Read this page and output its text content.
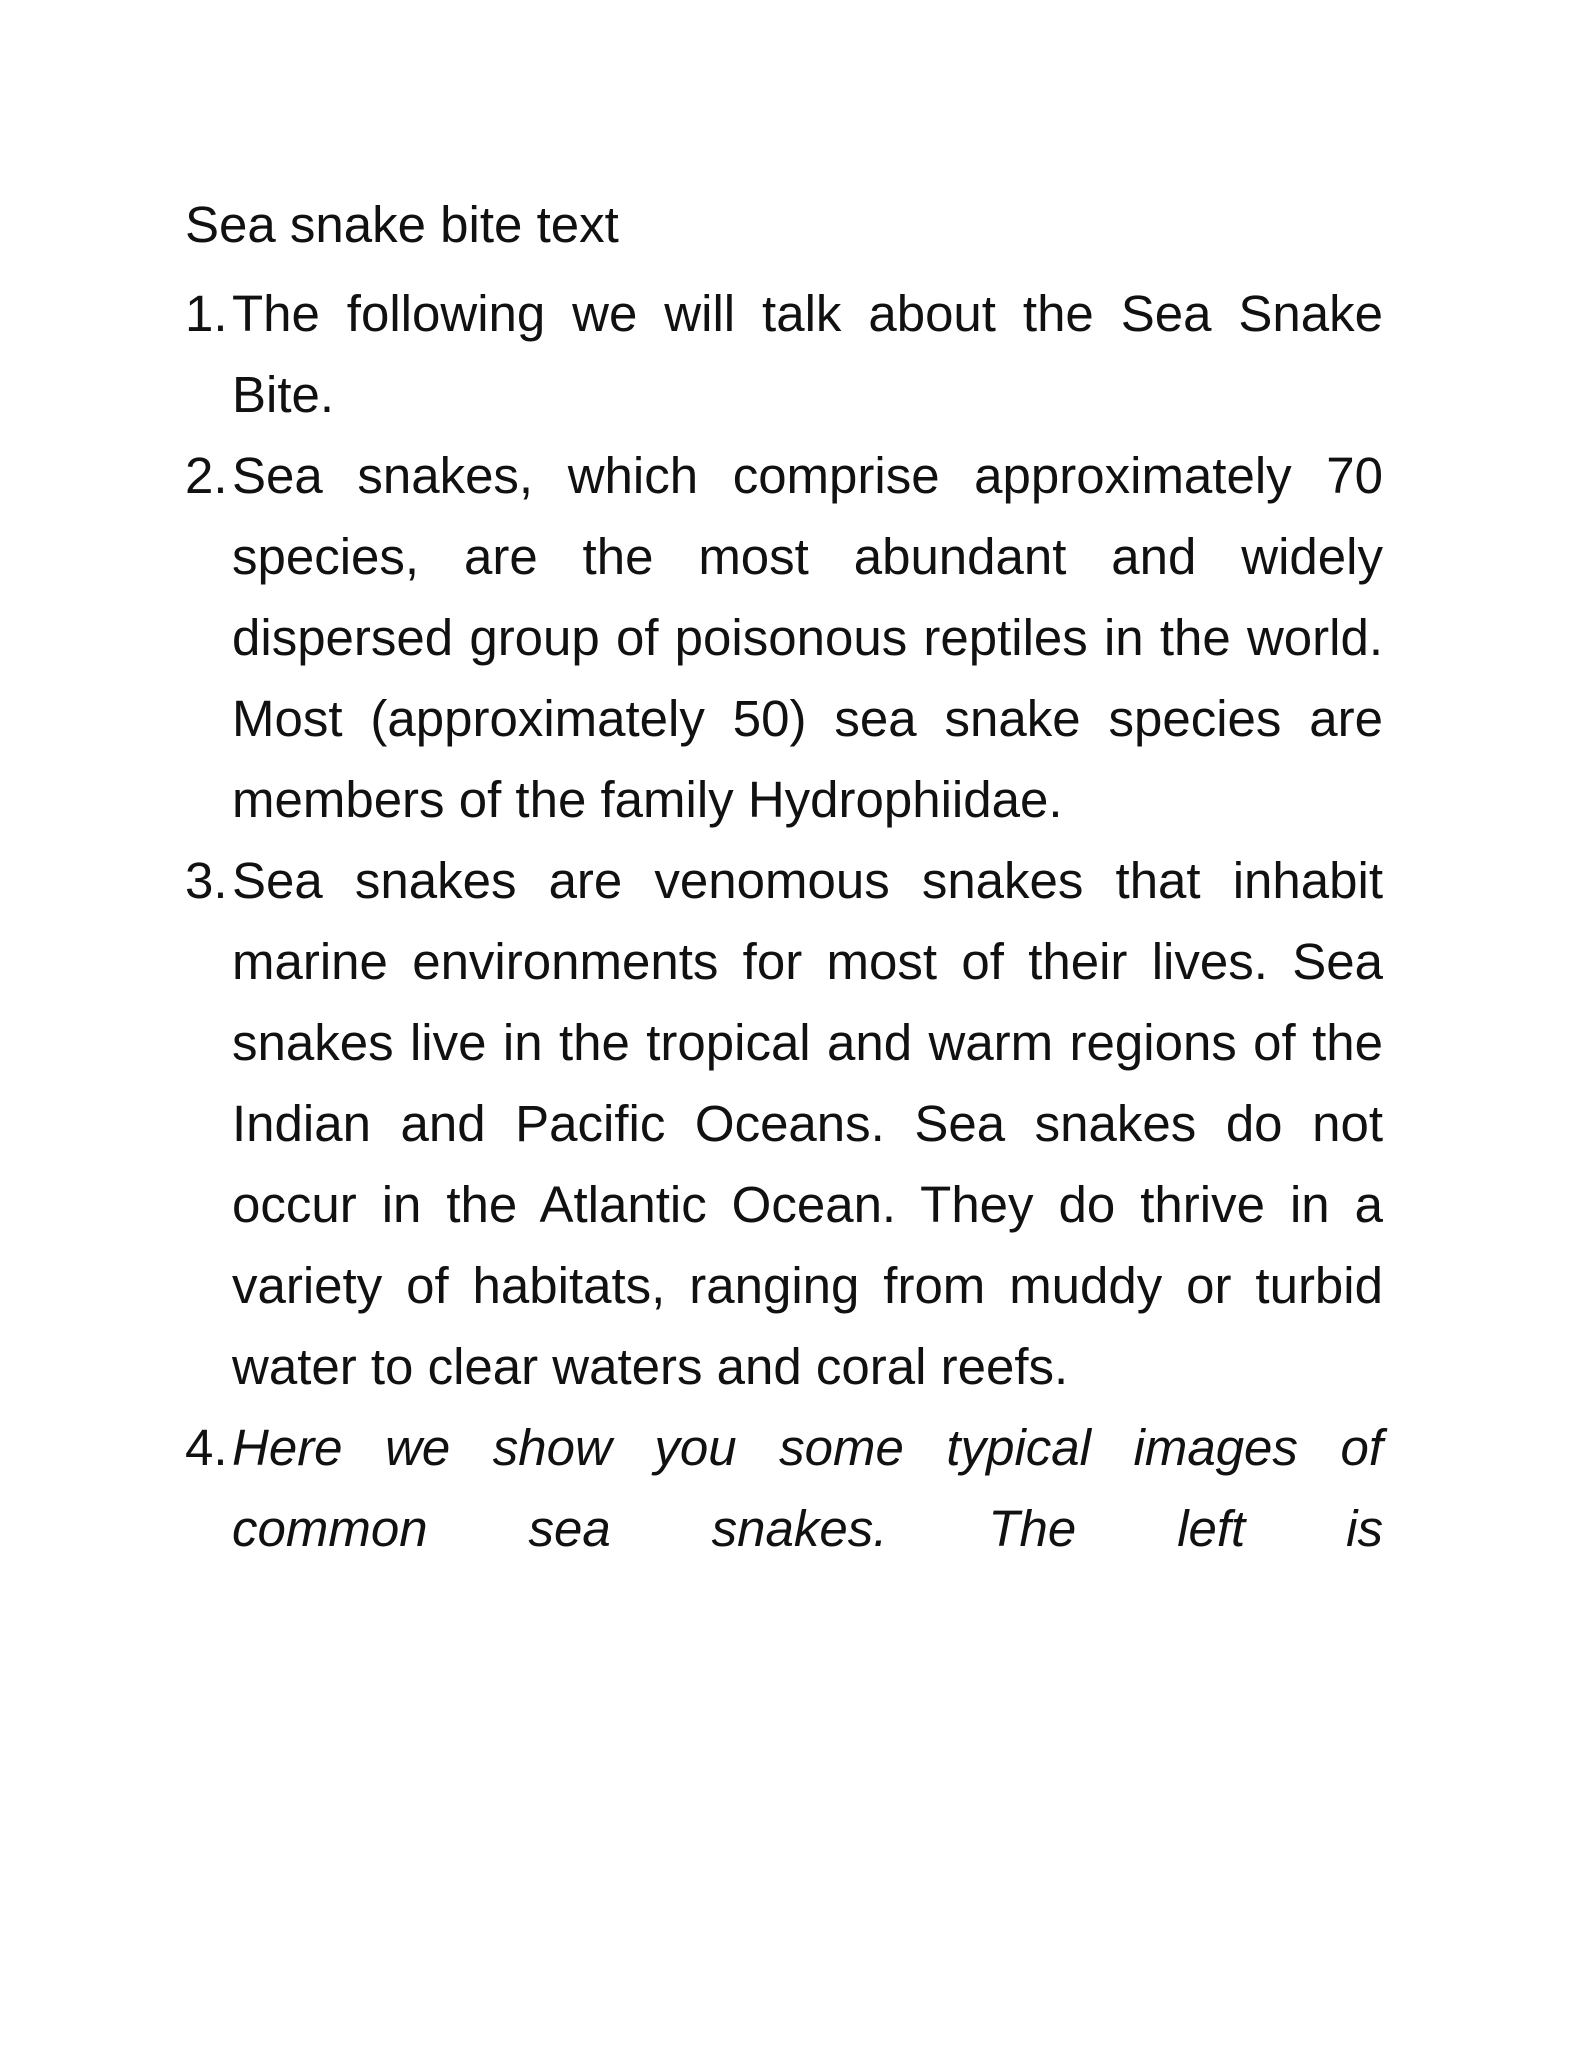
Sea snake bite text
1. The following we will talk about the Sea Snake Bite.
2. Sea snakes, which comprise approximately 70 species, are the most abundant and widely dispersed group of poisonous reptiles in the world. Most (approximately 50) sea snake species are members of the family Hydrophiidae.
3. Sea snakes are venomous snakes that inhabit marine environments for most of their lives. Sea snakes live in the tropical and warm regions of the Indian and Pacific Oceans. Sea snakes do not occur in the Atlantic Ocean. They do thrive in a variety of habitats, ranging from muddy or turbid water to clear waters and coral reefs.
4. Here we show you some typical images of common sea snakes. The left is
